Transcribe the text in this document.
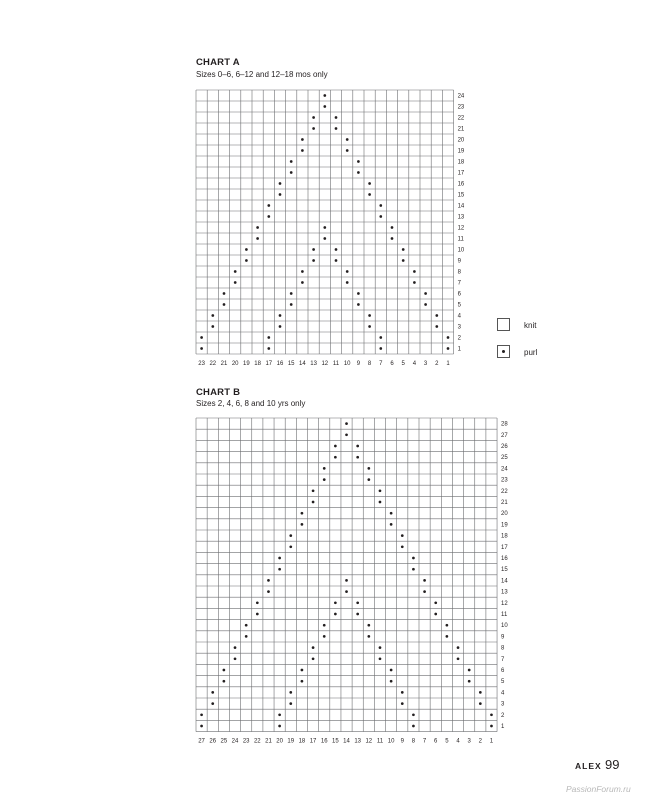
CHART A
Sizes 0–6, 6–12 and 12–18 mos only
23 22 21 20 19 18 17 16 15 14 13 12 11 10 9 8 7 6 5 4 3 2 1
1
2
3
4
5
6
7
8
9
10
11
12
13
14
15
16
17
18
19
20
21
22
23
24
CHART B
Sizes 2, 4, 6, 8 and 10 yrs only
27 26 25 24 23 22 21 20 19 18 17 16 15 14 13 12 11 10 9 8 7 6 5 4 3 2 1
1
2
3
4
5
6
7
8
9
10
11
12
13
14
15
16
17
18
19
20
21
22
23
24
25
26
27
28
knit
purl
ALEX 99
PassionForum.ru
